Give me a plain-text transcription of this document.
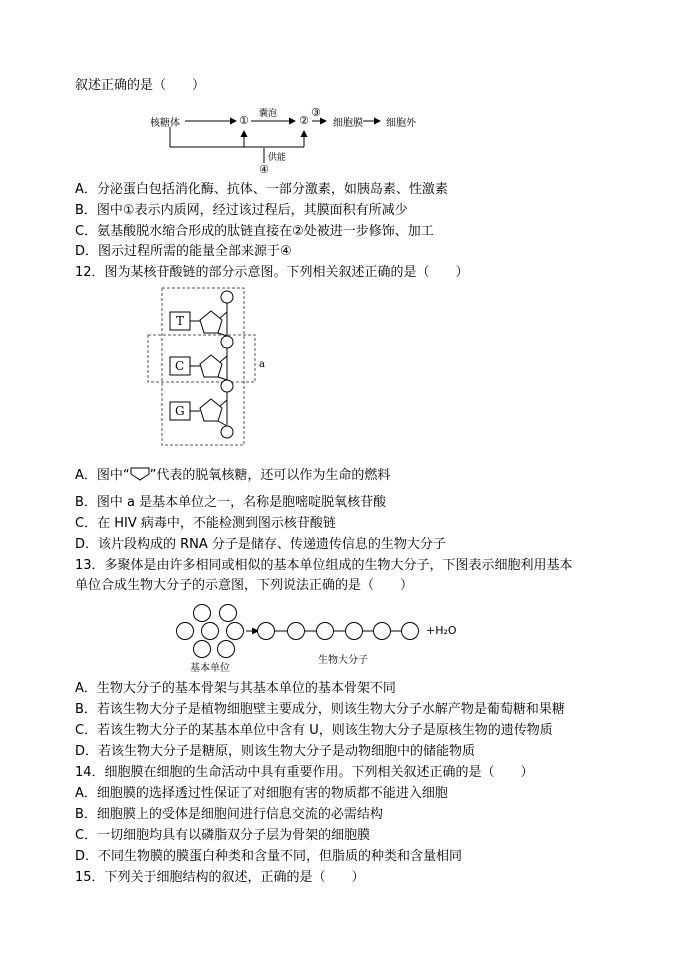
叙述正确的是（　　）
核糖体	① 囊泡 ②
③
细胞膜 细胞外
供能
④
A．分泌蛋白包括消化酶、抗体、一部分激素，如胰岛素、性激素
B．图中①表示内质网，经过该过程后，其膜面积有所减少
C．氨基酸脱水缩合形成的肽链直接在②处被进一步修饰、加工
D．图示过程所需的能量全部来源于④
12．图为某核苷酸链的部分示意图。下列相关叙述正确的是（　　）
T
C
G
a
A．图中“ ”代表的脱氧核糖，还可以作为生命的燃料
B．图中 a 是基本单位之一，名称是胞嘧啶脱氧核苷酸
C．在 HIV 病毒中，不能检测到图示核苷酸链
D．该片段构成的 RNA 分子是储存、传递遗传信息的生物大分子
13．多聚体是由许多相同或相似的基本单位组成的生物大分子，下图表示细胞利用基本
单位合成生物大分子的示意图，下列说法正确的是（　　）
+H₂O
基本单位
生物大分子
A．生物大分子的基本骨架与其基本单位的基本骨架不同
B．若该生物大分子是植物细胞壁主要成分，则该生物大分子水解产物是葡萄糖和果糖
C．若该生物大分子的某基本单位中含有 U，则该生物大分子是原核生物的遗传物质
D．若该生物大分子是糖原，则该生物大分子是动物细胞中的储能物质
14．细胞膜在细胞的生命活动中具有重要作用。下列相关叙述正确的是（　　）
A．细胞膜的选择透过性保证了对细胞有害的物质都不能进入细胞
B．细胞膜上的受体是细胞间进行信息交流的必需结构
C．一切细胞均具有以磷脂双分子层为骨架的细胞膜
D．不同生物膜的膜蛋白种类和含量不同，但脂质的种类和含量相同
15．下列关于细胞结构的叙述，正确的是（　　）
